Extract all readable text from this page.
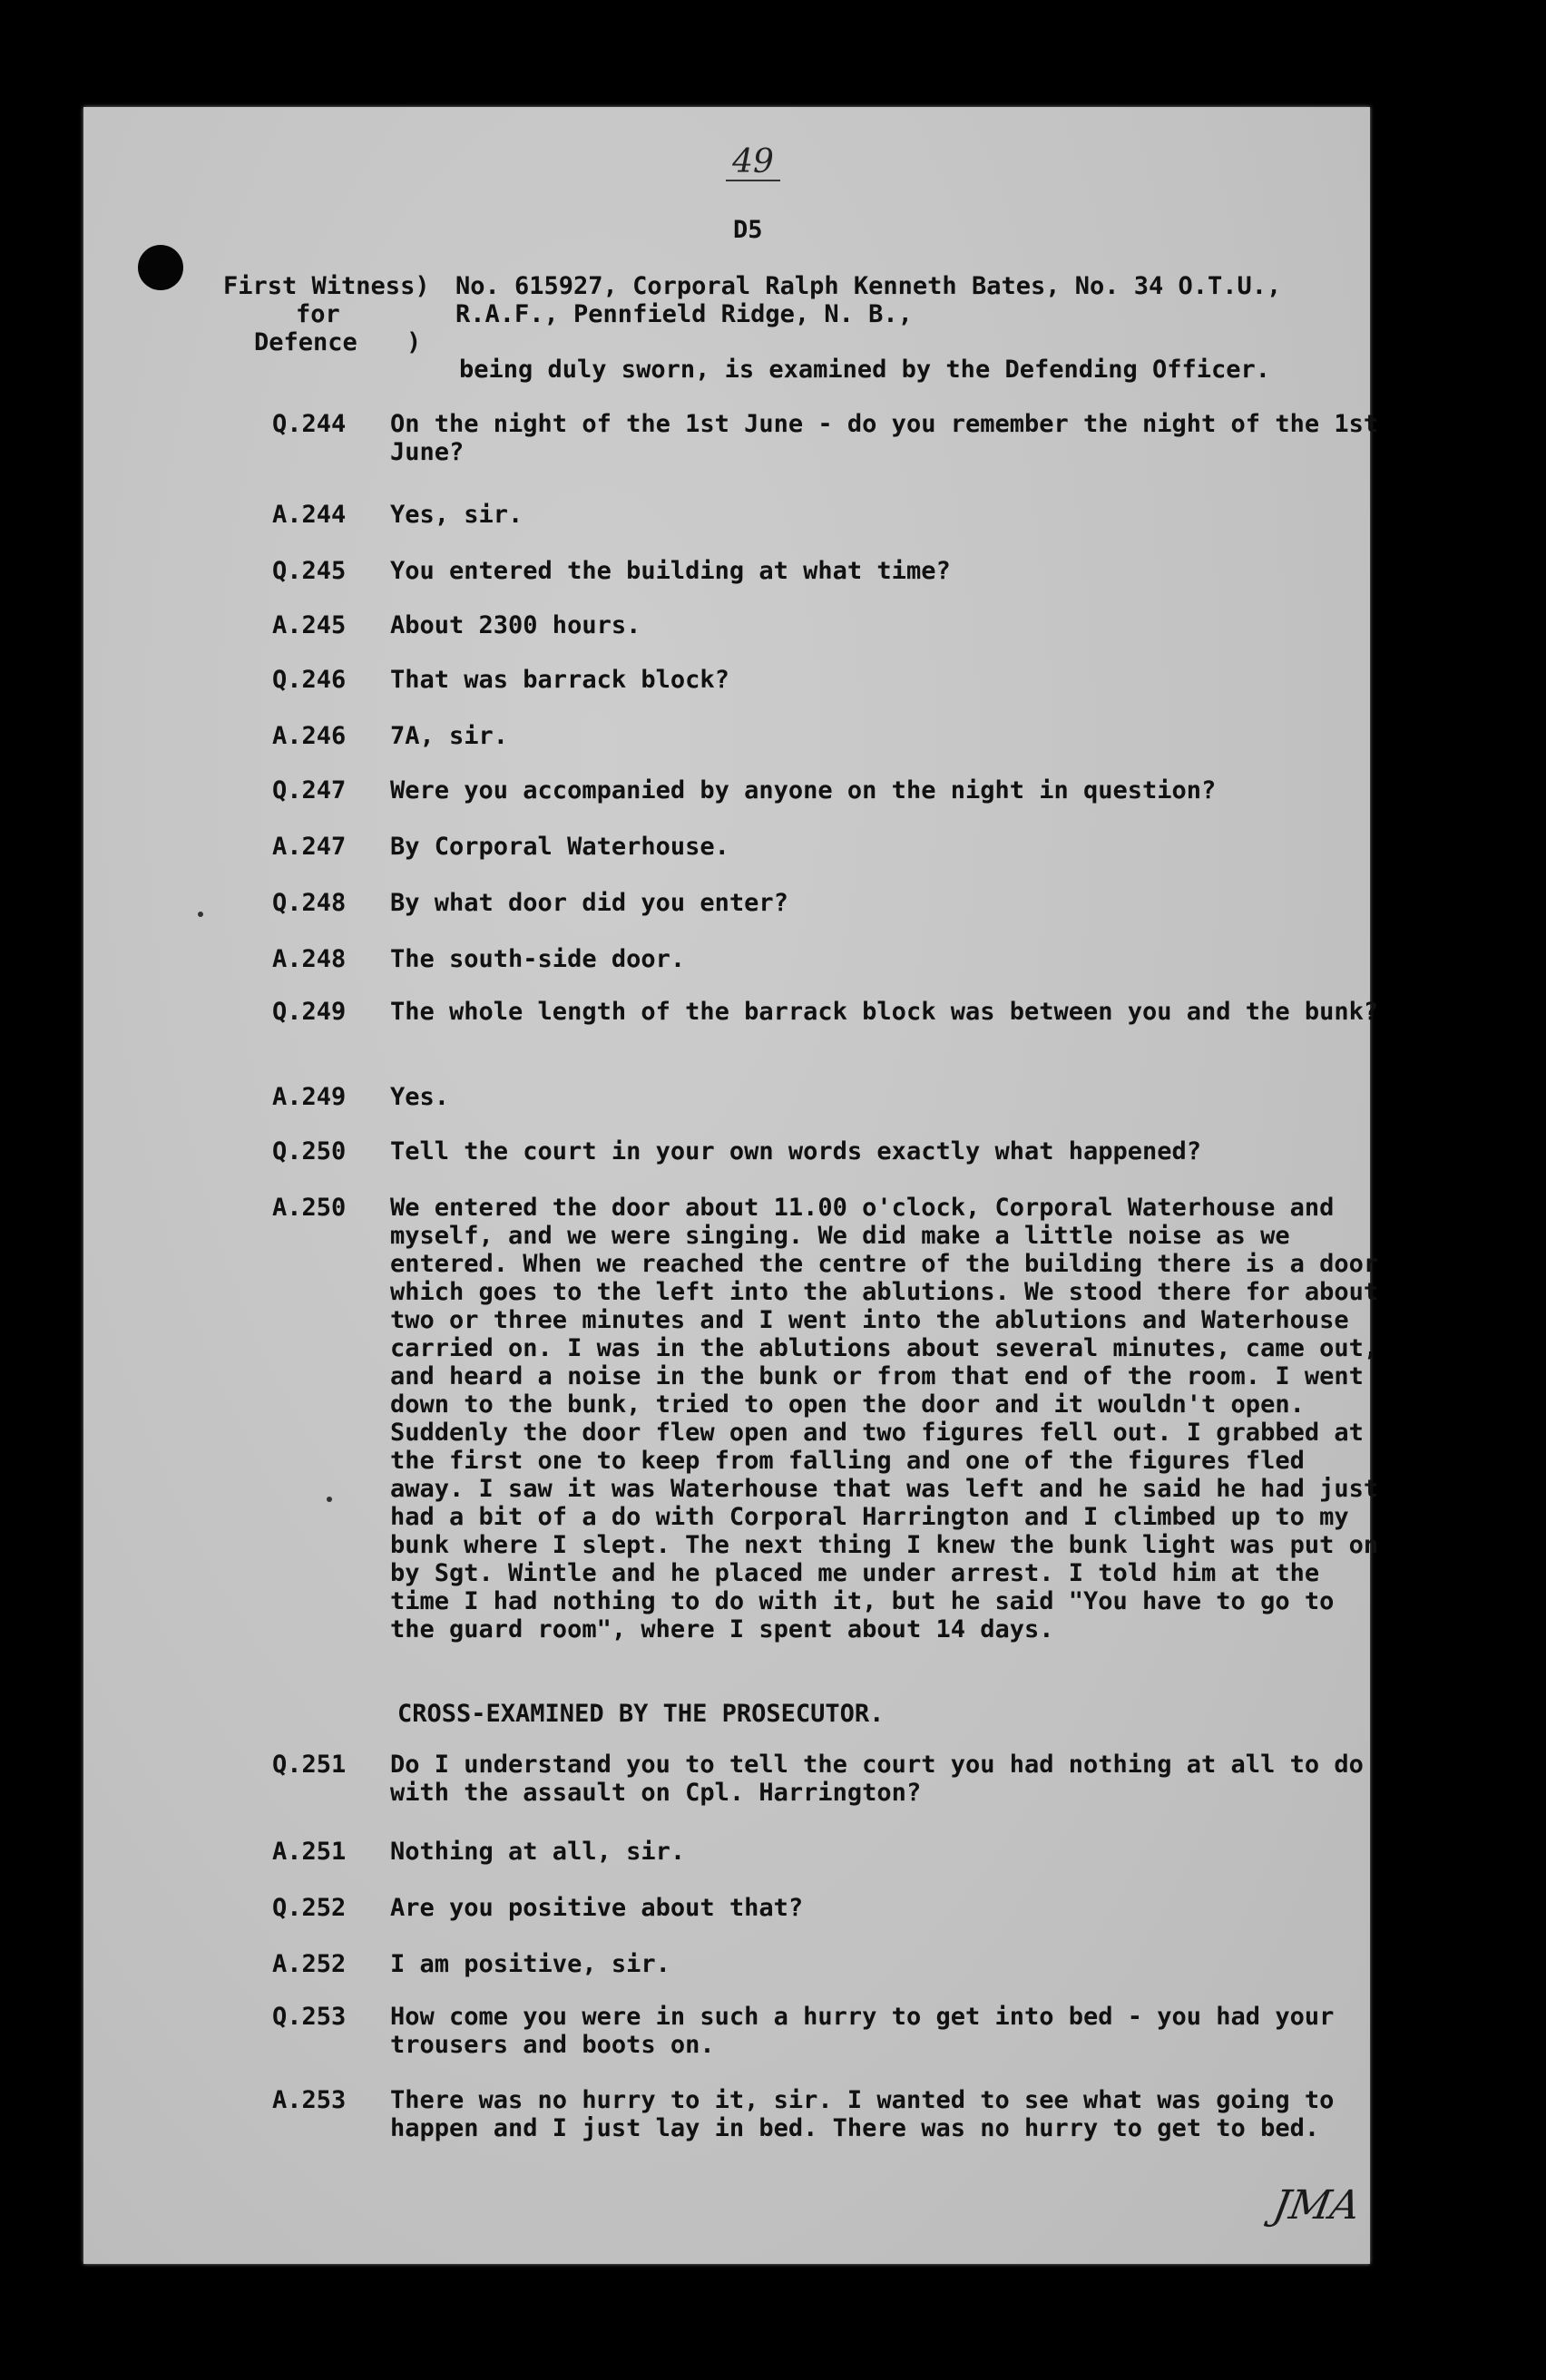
49
D5
First Witness)
for
Defence	)
No. 615927, Corporal Ralph Kenneth Bates, No. 34 O.T.U., R.A.F., Pennfield Ridge, N. B.,
being duly sworn, is examined by the Defending Officer.
Q.244	On the night of the 1st June - do you remember the night of the 1st June?
A.244	Yes, sir.
Q.245	You entered the building at what time?
A.245	About 2300 hours.
Q.246	That was barrack block?
A.246	7A, sir.
Q.247	Were you accompanied by anyone on the night in question?
A.247	By Corporal Waterhouse.
Q.248	By what door did you enter?
A.248	The south-side door.
Q.249	The whole length of the barrack block was between you and the bunk?
A.249	Yes.
Q.250	Tell the court in your own words exactly what happened?
A.250	We entered the door about 11.00 o'clock, Corporal Waterhouse and myself, and we were singing. We did make a little noise as we entered. When we reached the centre of the building there is a door which goes to the left into the ablutions. We stood there for about two or three minutes and I went into the ablutions and Waterhouse carried on. I was in the ablutions about several minutes, came out, and heard a noise in the bunk or from that end of the room. I went down to the bunk, tried to open the door and it wouldn't open. Suddenly the door flew open and two figures fell out. I grabbed at the first one to keep from falling and one of the figures fled away. I saw it was Waterhouse that was left and he said he had just had a bit of a do with Corporal Harrington and I climbed up to my bunk where I slept. The next thing I knew the bunk light was put on by Sgt. Wintle and he placed me under arrest. I told him at the time I had nothing to do with it, but he said "You have to go to the guard room", where I spent about 14 days.
CROSS-EXAMINED BY THE PROSECUTOR.
Q.251	Do I understand you to tell the court you had nothing at all to do with the assault on Cpl. Harrington?
A.251	Nothing at all, sir.
Q.252	Are you positive about that?
A.252	I am positive, sir.
Q.253	How come you were in such a hurry to get into bed - you had your trousers and boots on.
A.253	There was no hurry to it, sir. I wanted to see what was going to happen and I just lay in bed. There was no hurry to get to bed.
JMA
